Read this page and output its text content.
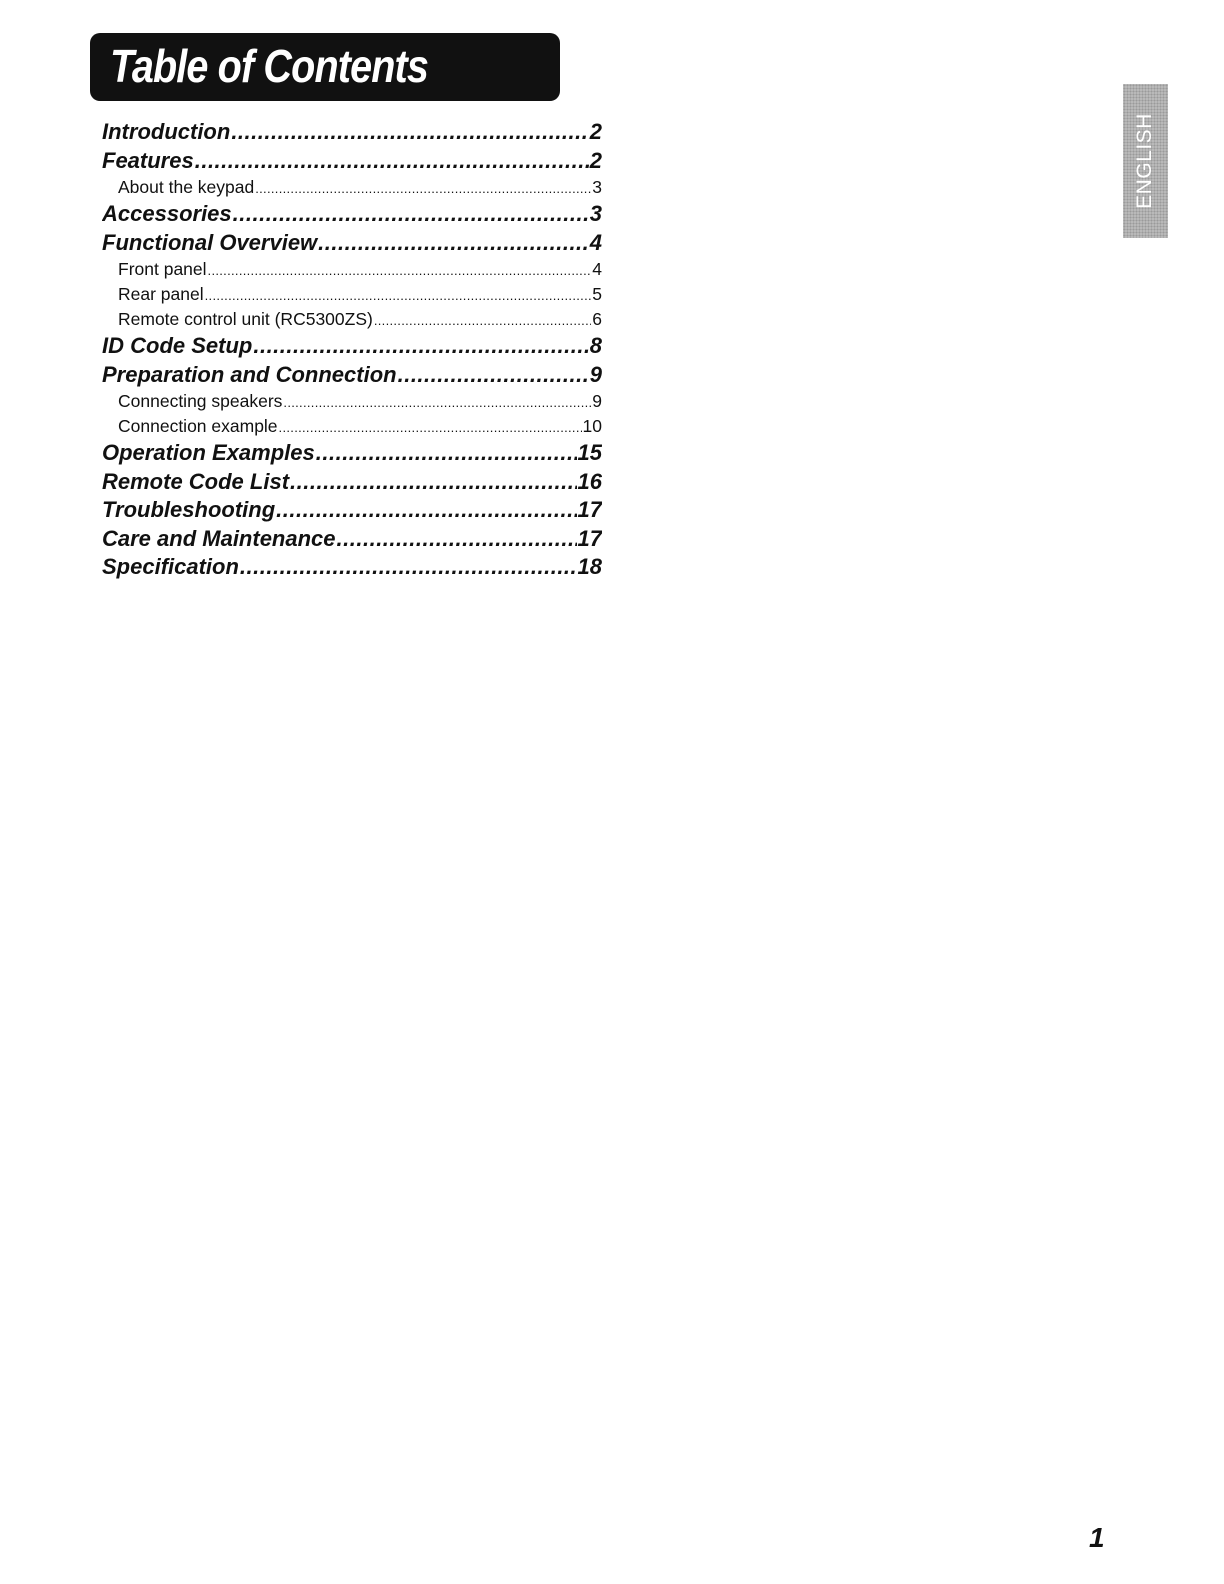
Table of Contents
Introduction .....	2
Features .....	2
About the keypad .....	3
Accessories .....	3
Functional Overview .....	4
Front panel .....	4
Rear panel .....	5
Remote control unit (RC5300ZS) .....	6
ID Code Setup .....	8
Preparation and Connection .....	9
Connecting speakers .....	9
Connection example .....	10
Operation Examples .....	15
Remote Code List .....	16
Troubleshooting .....	17
Care and Maintenance .....	17
Specification .....	18
ENGLISH
1
